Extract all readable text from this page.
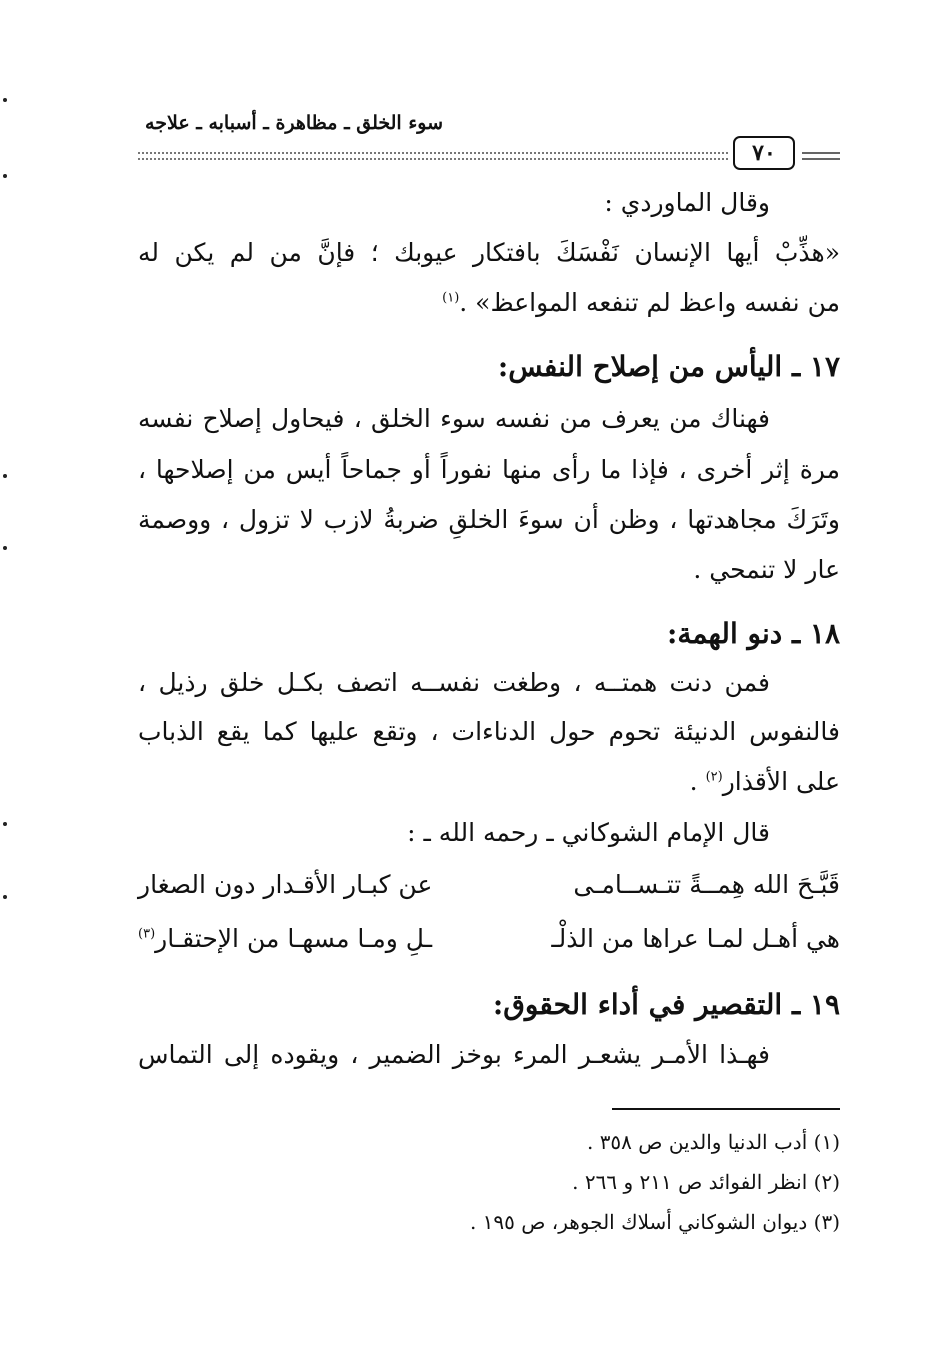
سوء الخلق ـ مظاهرة ـ أسبابه ـ علاجه
٧٠
وقال الماوردي :
«هذِّبْ أيها الإنسان نَفْسَكَ بافتكار عيوبك ؛ فإنَّ من لم يكن له
من نفسه واعظ لم تنفعه المواعظ» .$^{(١)}$
١٧ ـ اليأس من إصلاح النفس:
فهناك من يعرف من نفسه سوء الخلق ، فيحاول إصلاح نفسه
مرة إثر أخرى ، فإذا ما رأى منها نفوراً أو جماحاً أيس من إصلاحها ،
وتَرَكَ مجاهدتها ، وظن أن سوءَ الخلقِ ضربةُ لازب لا تزول ، ووصمة
عار لا تنمحي .
١٨ ـ دنو الهمة:
فمن دنت همتــه ، وطغت نفســه اتصف بكـل خلق رذيل ،
فالنفوس الدنيئة تحوم حول الدناءات ، وتقع عليها كما يقع الذباب
على الأقذار$^{(٢)}$ .
قال الإمام الشوكاني ـ رحمه الله ـ :
قَبَّـحَ الله هِمــةً تتـســامـى
عن كبـار الأقـدار دون الصغار
هي أهـل لمـا عراها من الذلْـ
ـلِ ومـا مسهـا من الإحتقـار$^{(٣)}$
١٩ ـ التقصير في أداء الحقوق:
فهـذا الأمـر يشعـر المرء بوخز الضمير ، ويقوده إلى التماس
(١) أدب الدنيا والدين ص ٣٥٨ .
(٢) انظر الفوائد ص ٢١١ و ٢٦٦ .
(٣) ديوان الشوكاني أسلاك الجوهر، ص ١٩٥ .
